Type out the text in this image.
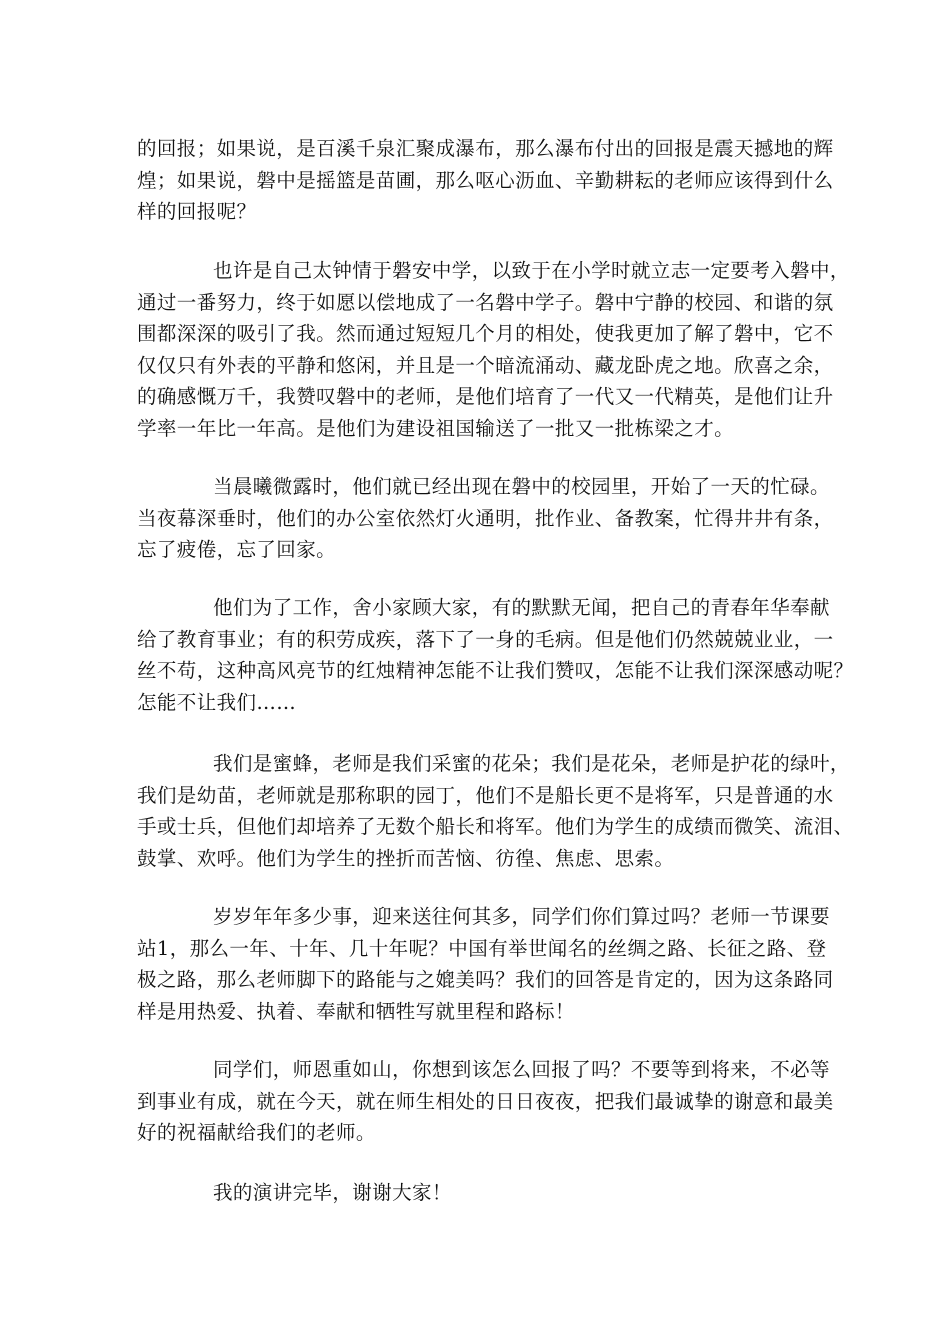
的回报；如果说，是百溪千泉汇聚成瀑布，那么瀑布付出的回报是震天撼地的辉
煌；如果说，磐中是摇篮是苗圃，那么呕心沥血、辛勤耕耘的老师应该得到什么
样的回报呢？
也许是自己太钟情于磐安中学，以致于在小学时就立志一定要考入磐中，
通过一番努力，终于如愿以偿地成了一名磐中学子。磐中宁静的校园、和谐的氛
围都深深的吸引了我。然而通过短短几个月的相处，使我更加了解了磐中，它不
仅仅只有外表的平静和悠闲，并且是一个暗流涌动、藏龙卧虎之地。欣喜之余，
的确感慨万千，我赞叹磐中的老师，是他们培育了一代又一代精英，是他们让升
学率一年比一年高。是他们为建设祖国输送了一批又一批栋梁之才。
当晨曦微露时，他们就已经出现在磐中的校园里，开始了一天的忙碌。
当夜幕深垂时，他们的办公室依然灯火通明，批作业、备教案，忙得井井有条，
忘了疲倦，忘了回家。
他们为了工作，舍小家顾大家，有的默默无闻，把自己的青春年华奉献
给了教育事业；有的积劳成疾，落下了一身的毛病。但是他们仍然兢兢业业，一
丝不苟，这种高风亮节的红烛精神怎能不让我们赞叹，怎能不让我们深深感动呢？
怎能不让我们……
我们是蜜蜂，老师是我们采蜜的花朵；我们是花朵，老师是护花的绿叶，
我们是幼苗，老师就是那称职的园丁，他们不是船长更不是将军，只是普通的水
手或士兵，但他们却培养了无数个船长和将军。他们为学生的成绩而微笑、流泪、
鼓掌、欢呼。他们为学生的挫折而苦恼、彷徨、焦虑、思索。
岁岁年年多少事，迎来送往何其多，同学们你们算过吗？老师一节课要
站1，那么一年、十年、几十年呢？中国有举世闻名的丝绸之路、长征之路、登
极之路，那么老师脚下的路能与之媲美吗？我们的回答是肯定的，因为这条路同
样是用热爱、执着、奉献和牺牲写就里程和路标！
同学们，师恩重如山，你想到该怎么回报了吗？不要等到将来，不必等
到事业有成，就在今天，就在师生相处的日日夜夜，把我们最诚挚的谢意和最美
好的祝福献给我们的老师。
我的演讲完毕，谢谢大家！
